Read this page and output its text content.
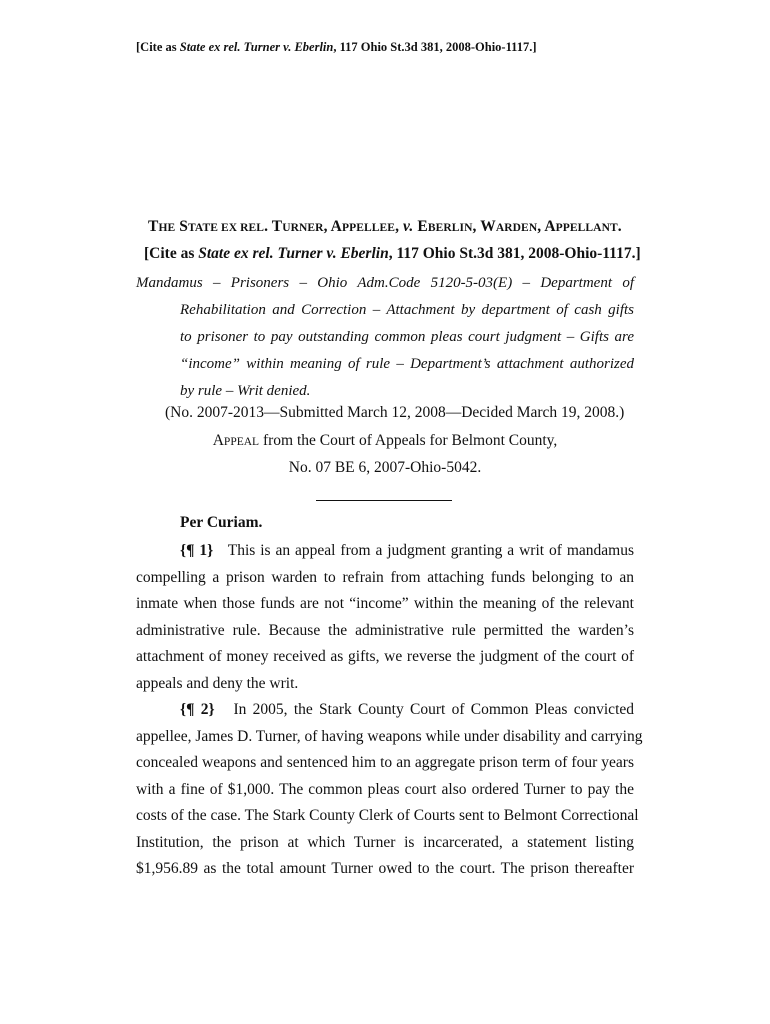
[Cite as State ex rel. Turner v. Eberlin, 117 Ohio St.3d 381, 2008-Ohio-1117.]
THE STATE EX REL. TURNER, APPELLEE, v. EBERLIN, WARDEN, APPELLANT.
[Cite as State ex rel. Turner v. Eberlin, 117 Ohio St.3d 381, 2008-Ohio-1117.]
Mandamus – Prisoners – Ohio Adm.Code 5120-5-03(E) – Department of
Rehabilitation and Correction – Attachment by department of cash gifts
to prisoner to pay outstanding common pleas court judgment – Gifts are
“income” within meaning of rule – Department’s attachment authorized
by rule – Writ denied.
(No. 2007-2013—Submitted March 12, 2008—Decided March 19, 2008.)
APPEAL from the Court of Appeals for Belmont County,
No. 07 BE 6, 2007-Ohio-5042.
Per Curiam.
{¶ 1} This is an appeal from a judgment granting a writ of mandamus
compelling a prison warden to refrain from attaching funds belonging to an
inmate when those funds are not “income” within the meaning of the relevant
administrative rule. Because the administrative rule permitted the warden’s
attachment of money received as gifts, we reverse the judgment of the court of
appeals and deny the writ.
{¶ 2} In 2005, the Stark County Court of Common Pleas convicted
appellee, James D. Turner, of having weapons while under disability and carrying
concealed weapons and sentenced him to an aggregate prison term of four years
with a fine of $1,000. The common pleas court also ordered Turner to pay the
costs of the case. The Stark County Clerk of Courts sent to Belmont Correctional
Institution, the prison at which Turner is incarcerated, a statement listing
$1,956.89 as the total amount Turner owed to the court. The prison thereafter
